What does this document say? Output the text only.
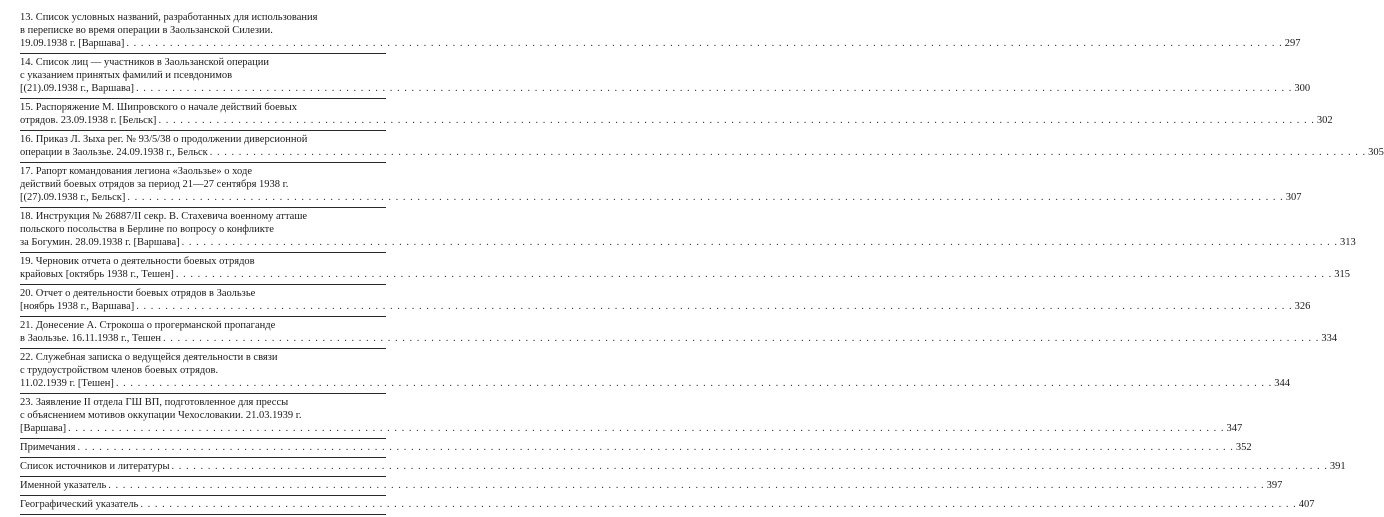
13. Список условных названий, разработанных для использования
в переписке во время операции в Заользанской Силезии.
19.09.1938 г. [Варшава] . . .	297
14. Список лиц — участников в Заользанской операции
с указанием принятых фамилий и псевдонимов
[(21).09.1938 г., Варшава] . . .	300
15. Распоряжение М. Шипровского о начале действий боевых
отрядов. 23.09.1938 г. [Бельск] . . .	302
16. Приказ Л. Зыха рег. № 93/5/38 о продолжении диверсионной
операции в Заользье. 24.09.1938 г., Бельск . . .	305
17. Рапорт командования легиона «Заользье» о ходе
действий боевых отрядов за период 21—27 сентября 1938 г.
[(27).09.1938 г., Бельск] . . .	307
18. Инструкция № 26887/II секр. В. Стахевича военному атташе
польского посольства в Берлине по вопросу о конфликте
за Богумин. 28.09.1938 г. [Варшава] . . .	313
19. Черновик отчета о деятельности боевых отрядов
крайовых [октябрь 1938 г., Тешен] . . .	315
20. Отчет о деятельности боевых отрядов в Заользье
[ноябрь 1938 г., Варшава] . . .	326
21. Донесение А. Строкоша о прогерманской пропаганде
в Заользье. 16.11.1938 г., Тешен . . .	334
22. Служебная записка о ведущейся деятельности в связи
с трудоустройством членов боевых отрядов.
11.02.1939 г. [Тешен] . . .	344
23. Заявление II отдела ГШ ВП, подготовленное для прессы
с объяснением мотивов оккупации Чехословакии. 21.03.1939 г.
[Варшава] . . .	347
Примечания . . .	352
Список источников и литературы . . .	391
Именной указатель . . .	397
Географический указатель . . .	407
